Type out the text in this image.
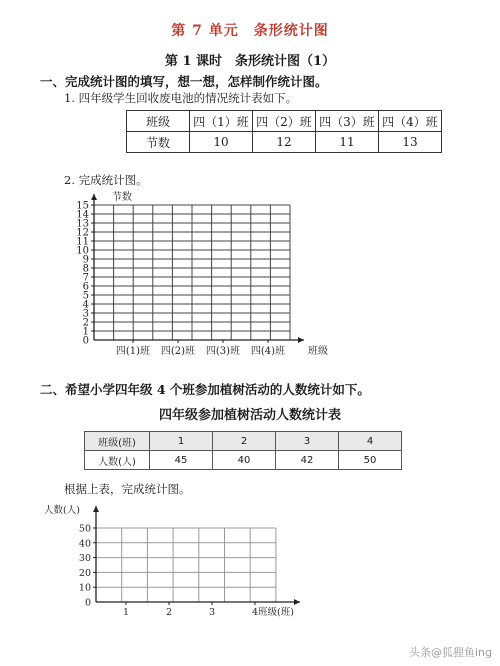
第 7 单元　条形统计图
第 1 课时　条形统计图（1）
一、完成统计图的填写，想一想，怎样制作统计图。
1. 四年级学生回收废电池的情况统计表如下。
班级	四（1）班	四（2）班	四（3）班	四（4）班
节数	10	12	11	13
2. 完成统计图。
0
1
2
3
4
5
6
7
8
9
10
11
12
13
14
15
四(1)班 四(2)班 四(3)班 四(4)班
节数
班级
二、希望小学四年级 4 个班参加植树活动的人数统计如下。
四年级参加植树活动人数统计表
班级(班)	1	2	3	4
人数(人)	45	40	42	50
根据上表，完成统计图。
0
10
20
30
40
50
1	2	3	4
人数(人)
班级(班)
头条@狐狸鱼ing
